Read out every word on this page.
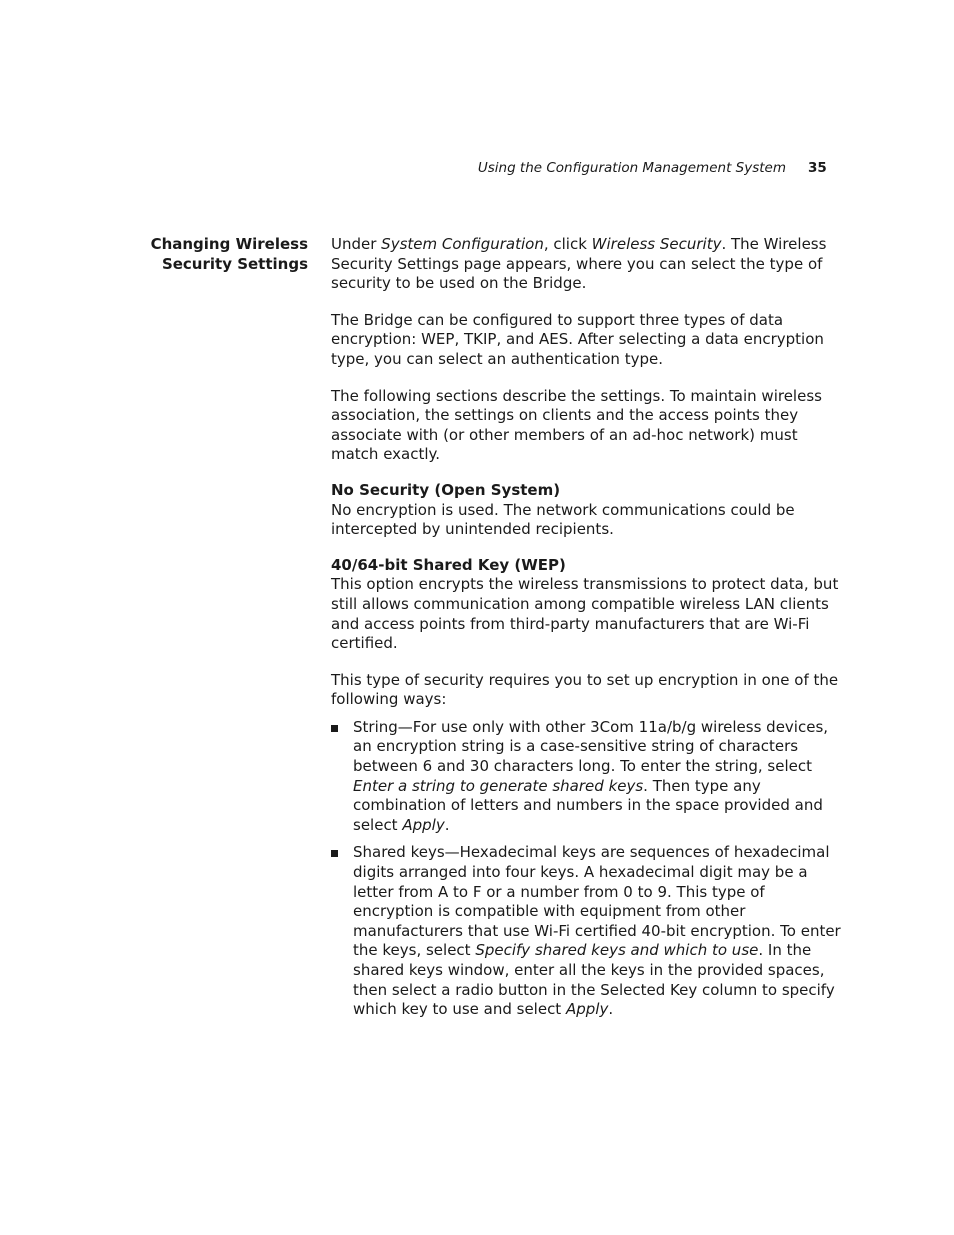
Using the Configuration Management System 35
Changing Wireless
Security Settings

Under System Configuration, click Wireless Security. The Wireless Security Settings page appears, where you can select the type of security to be used on the Bridge.

The Bridge can be configured to support three types of data encryption: WEP, TKIP, and AES. After selecting a data encryption type, you can select an authentication type.

The following sections describe the settings. To maintain wireless association, the settings on clients and the access points they associate with (or other members of an ad-hoc network) must match exactly.

No Security (Open System)

No encryption is used. The network communications could be intercepted by unintended recipients.

40/64-bit Shared Key (WEP)

This option encrypts the wireless transmissions to protect data, but still allows communication among compatible wireless LAN clients and access points from third-party manufacturers that are Wi-Fi certified.

This type of security requires you to set up encryption in one of the following ways:

String—For use only with other 3Com 11a/b/g wireless devices, an encryption string is a case-sensitive string of characters between 6 and 30 characters long. To enter the string, select Enter a string to generate shared keys. Then type any combination of letters and numbers in the space provided and select Apply.
Shared keys—Hexadecimal keys are sequences of hexadecimal digits arranged into four keys. A hexadecimal digit may be a letter from A to F or a number from 0 to 9. This type of encryption is compatible with equipment from other manufacturers that use Wi-Fi certified 40-bit encryption. To enter the keys, select Specify shared keys and which to use. In the shared keys window, enter all the keys in the provided spaces, then select a radio button in the Selected Key column to specify which key to use and select Apply.
